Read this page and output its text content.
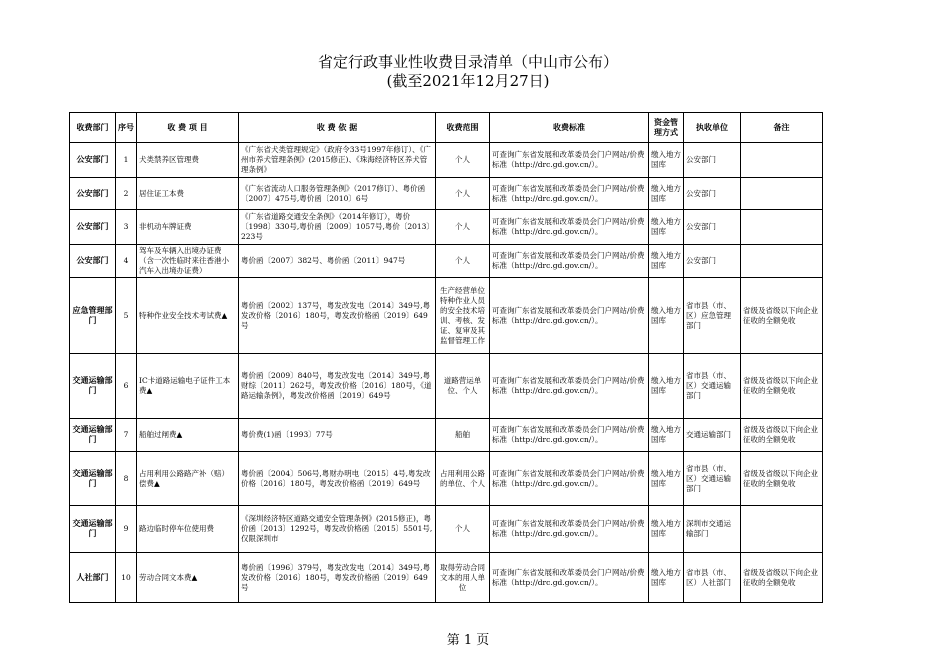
省定行政事业性收费目录清单（中山市公布）
(截至2021年12月27日)
收费部门	序号	收 费 项 目	收 费 依 据	收费范围	收费标准	资金管理方式	执收单位	备注
公安部门	1	犬类禁养区管理费	《广东省犬类管理规定》（政府令33号1997年修订）、《广州市养犬管理条例》(2015修正)、《珠海经济特区养犬管理条例》	个人	可查询广东省发展和改革委员会门户网站/价费标准（http://drc.gd.gov.cn/）。	缴入地方国库	公安部门	
公安部门	2	居住证工本费	《广东省流动人口服务管理条例》（2017修订）、粤价函〔2007〕475号,粤价函〔2010〕6号	个人	可查询广东省发展和改革委员会门户网站/价费标准（http://drc.gd.gov.cn/）。	缴入地方国库	公安部门	
公安部门	3	非机动车牌证费	《广东省道路交通安全条例》（2014年修订），粤价〔1998〕330号,粤价函〔2009〕1057号,粤价〔2013〕223号	个人	可查询广东省发展和改革委员会门户网站/价费标准（http://drc.gd.gov.cn/）。	缴入地方国库	公安部门	
公安部门	4	驾车及车辆入出境办证费（含一次性临时来往香港小汽车入出境办证费）	粤价函〔2007〕382号、粤价函〔2011〕947号	个人	可查询广东省发展和改革委员会门户网站/价费标准（http://drc.gd.gov.cn/）。	缴入地方国库	公安部门	
应急管理部门	5	特种作业安全技术考试费▲	粤价函〔2002〕137号，粤发改发电〔2014〕349号,粤发改价格〔2016〕180号，粤发改价格函〔2019〕649号	生产经营单位特种作业人员的安全技术培训、考核、发证、复审及其监督管理工作	可查询广东省发展和改革委员会门户网站/价费标准（http://drc.gd.gov.cn/）。	缴入地方国库	省市县（市、区）应急管理部门	省级及省级以下向企业征收的全额免收
交通运输部门	6	IC卡道路运输电子证件工本费▲	粤价函〔2009〕840号，粤发改发电〔2014〕349号,粤财综〔2011〕262号，粤发改价格〔2016〕180号，《道路运输条例》，粤发改价格函〔2019〕649号	道路营运单位、个人	可查询广东省发展和改革委员会门户网站/价费标准（http://drc.gd.gov.cn/）。	缴入地方国库	省市县（市、区）交通运输部门	省级及省级以下向企业征收的全额免收
交通运输部门	7	船舶过闸费▲	粤价费(1)函〔1993〕77号	船舶	可查询广东省发展和改革委员会门户网站/价费标准（http://drc.gd.gov.cn/）。	缴入地方国库	交通运输部门	省级及省级以下向企业征收的全额免收
交通运输部门	8	占用利用公路路产补（赔）偿费▲	粤价函〔2004〕506号,粤财办明电〔2015〕4号,粤发改价格〔2016〕180号，粤发改价格函〔2019〕649号	占用利用公路的单位、个人	可查询广东省发展和改革委员会门户网站/价费标准（http://drc.gd.gov.cn/）。	缴入地方国库	省市县（市、区）交通运输部门	省级及省级以下向企业征收的全额免收
交通运输部门	9	路边临时停车位使用费	《深圳经济特区道路交通安全管理条例》(2015修正)，粤价函〔2013〕1292号，粤发改价格函〔2015〕5501号,仅限深圳市	个人	可查询广东省发展和改革委员会门户网站/价费标准（http://drc.gd.gov.cn/）。	缴入地方国库	深圳市交通运输部门	
人社部门	10	劳动合同文本费▲	粤价函〔1996〕379号，粤发改发电〔2014〕349号,粤发改价格〔2016〕180号，粤发改价格函〔2019〕649号	取得劳动合同文本的用人单位	可查询广东省发展和改革委员会门户网站/价费标准（http://drc.gd.gov.cn/）。	缴入地方国库	省市县（市、区）人社部门	省级及省级以下向企业征收的全额免收
第 1 页
